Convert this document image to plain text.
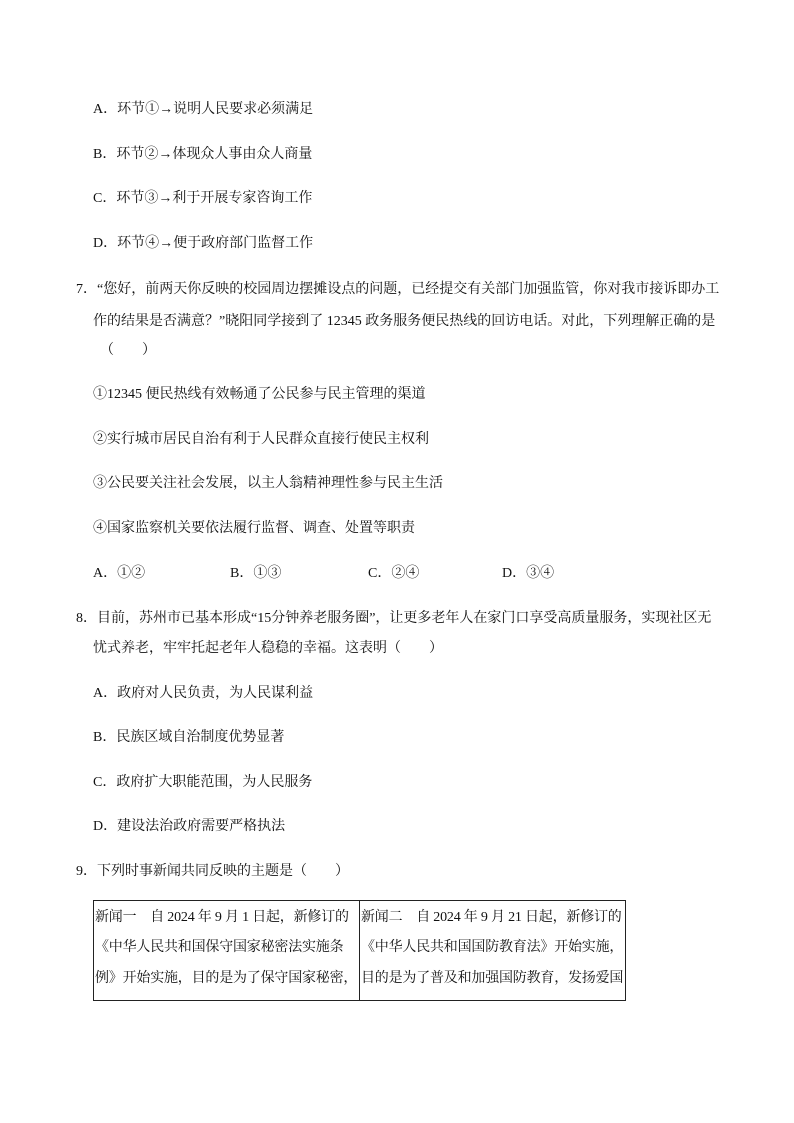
A．环节①→说明人民要求必须满足
B．环节②→体现众人事由众人商量
C．环节③→利于开展专家咨询工作
D．环节④→便于政府部门监督工作
7．“您好，前两天你反映的校园周边摆摊设点的问题，已经提交有关部门加强监管，你对我市接诉即办工
作的结果是否满意？”晓阳同学接到了 12345 政务服务便民热线的回访电话。对此，下列理解正确的是
（　　）
①12345 便民热线有效畅通了公民参与民主管理的渠道
②实行城市居民自治有利于人民群众直接行使民主权利
③公民要关注社会发展，以主人翁精神理性参与民主生活
④国家监察机关要依法履行监督、调查、处置等职责
A．①②	B．①③	C．②④	D．③④
8．目前，苏州市已基本形成“15分钟养老服务圈”，让更多老年人在家门口享受高质量服务，实现社区无
忧式养老，牢牢托起老年人稳稳的幸福。这表明（　　）
A．政府对人民负责，为人民谋利益
B．民族区域自治制度优势显著
C．政府扩大职能范围，为人民服务
D．建设法治政府需要严格执法
9．下列时事新闻共同反映的主题是（　　）
新闻一　自 2024 年 9 月 1 日起，新修订的
《中华人民共和国保守国家秘密法实施条
例》开始实施，目的是为了保守国家秘密，
新闻二　自 2024 年 9 月 21 日起，新修订的
《中华人民共和国国防教育法》开始实施，
目的是为了普及和加强国防教育，发扬爱国
